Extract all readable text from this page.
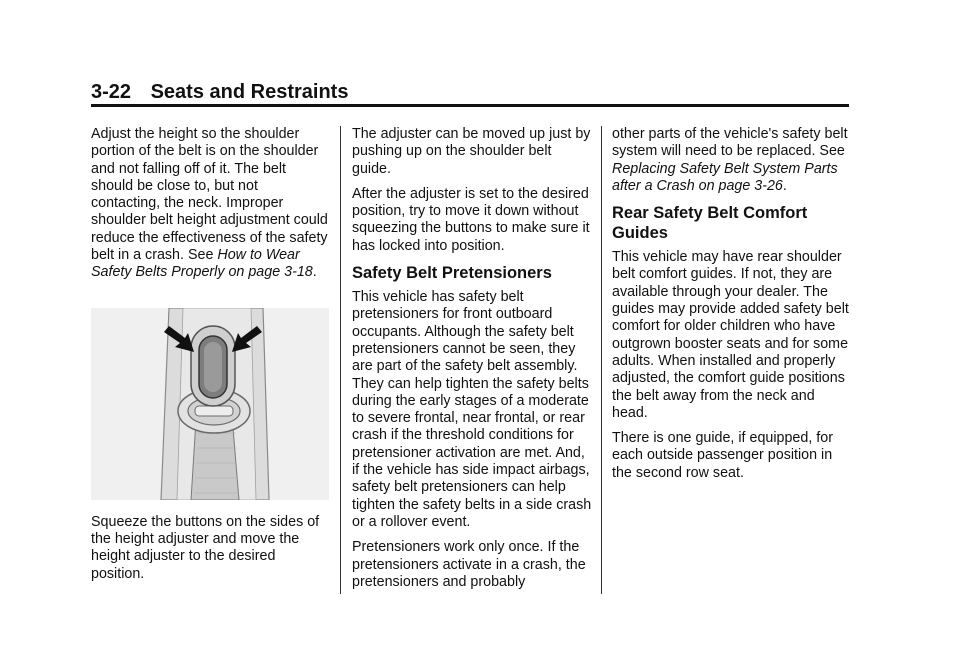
3-22 Seats and Restraints

Adjust the height so the shoulder portion of the belt is on the shoulder and not falling off of it. The belt should be close to, but not contacting, the neck. Improper shoulder belt height adjustment could reduce the effectiveness of the safety belt in a crash. See How to Wear Safety Belts Properly on page 3-18.

Squeeze the buttons on the sides of the height adjuster and move the height adjuster to the desired position.

The adjuster can be moved up just by pushing up on the shoulder belt guide.

After the adjuster is set to the desired position, try to move it down without squeezing the buttons to make sure it has locked into position.

Safety Belt Pretensioners

This vehicle has safety belt pretensioners for front outboard occupants. Although the safety belt pretensioners cannot be seen, they are part of the safety belt assembly. They can help tighten the safety belts during the early stages of a moderate to severe frontal, near frontal, or rear crash if the threshold conditions for pretensioner activation are met. And, if the vehicle has side impact airbags, safety belt pretensioners can help tighten the safety belts in a side crash or a rollover event.

Pretensioners work only once. If the pretensioners activate in a crash, the pretensioners and probably

other parts of the vehicle's safety belt system will need to be replaced. See Replacing Safety Belt System Parts after a Crash on page 3-26.

Rear Safety Belt Comfort Guides

This vehicle may have rear shoulder belt comfort guides. If not, they are available through your dealer. The guides may provide added safety belt comfort for older children who have outgrown booster seats and for some adults. When installed and properly adjusted, the comfort guide positions the belt away from the neck and head.

There is one guide, if equipped, for each outside passenger position in the second row seat.
